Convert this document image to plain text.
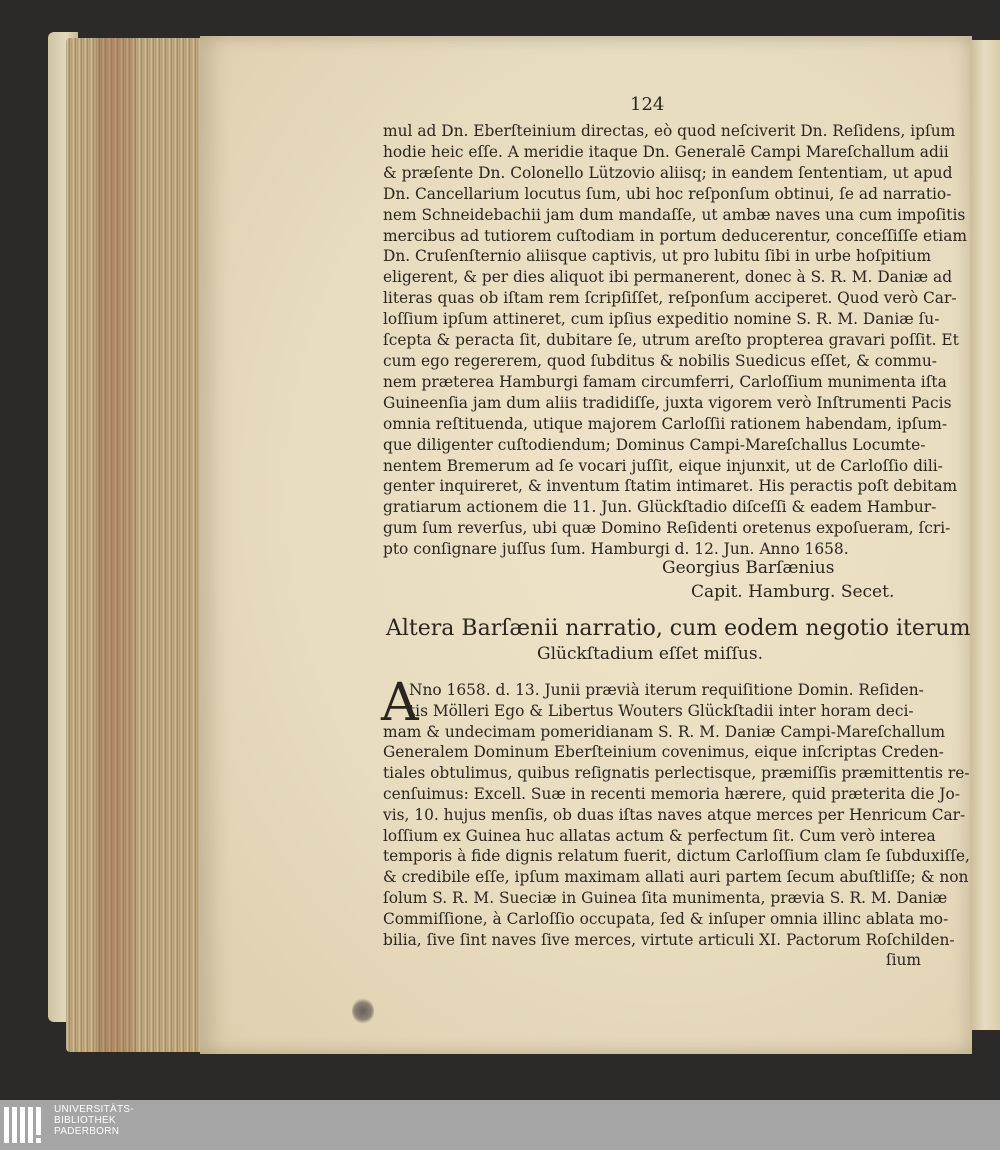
124
mul ad Dn. Eberſteinium directas, eò quod neſciverit Dn. Reſidens, ipſum
hodie heic eſſe. A meridie itaque Dn. Generalē Campi Mareſchallum adii
& præſente Dn. Colonello Lützovio aliisq; in eandem ſententiam, ut apud
Dn. Cancellarium locutus ſum, ubi hoc reſponſum obtinui, ſe ad narratio-
nem Schneidebachii jam dum mandaſſe, ut ambæ naves una cum impoſitis
mercibus ad tutiorem cuſtodiam in portum deducerentur, conceſſiſſe etiam
Dn. Cruſenſternio aliisque captivis, ut pro lubitu ſibi in urbe hoſpitium
eligerent, & per dies aliquot ibi permanerent, donec à S. R. M. Daniæ ad
literas quas ob iſtam rem ſcripſiſſet, reſponſum acciperet. Quod verò Car-
loſſium ipſum attineret, cum ipſius expeditio nomine S. R. M. Daniæ ſu-
ſcepta & peracta ſit, dubitare ſe, utrum areſto propterea gravari poſſit. Et
cum ego regererem, quod ſubditus & nobilis Suedicus eſſet, & commu-
nem præterea Hamburgi famam circumferri, Carloſſium munimenta iſta
Guineenſia jam dum aliis tradidiſſe, juxta vigorem verò Inſtrumenti Pacis
omnia reſtituenda, utique majorem Carloſſii rationem habendam, ipſum-
que diligenter cuſtodiendum; Dominus Campi-Mareſchallus Locumte-
nentem Bremerum ad ſe vocari juſſit, eique injunxit, ut de Carloſſio dili-
genter inquireret, & inventum ſtatim intimaret. His peractis poſt debitam
gratiarum actionem die 11. Jun. Glückſtadio diſceſſi & eadem Hambur-
gum ſum reverſus, ubi quæ Domino Reſidenti oretenus expoſueram, ſcri-
pto conſignare juſſus ſum. Hamburgi d. 12. Jun. Anno 1658.
Georgius Barſænius
Capit. Hamburg. Secet.
Altera Barſænii narratio, cum eodem negotio iterum
Glückſtadium eſſet miſſus.
A
Nno 1658. d. 13. Junii prævià iterum requiſitione Domin. Reſiden-
tis Mölleri Ego & Libertus Wouters Glückſtadii inter horam deci-
mam & undecimam pomeridianam S. R. M. Daniæ Campi-Mareſchallum
Generalem Dominum Eberſteinium covenimus, eique inſcriptas Creden-
tiales obtulimus, quibus reſignatis perlectisque, præmiſſis præmittentis re-
cenſuimus: Excell. Suæ in recenti memoria hærere, quid præterita die Jo-
vis, 10. hujus menſis, ob duas iſtas naves atque merces per Henricum Car-
loſſium ex Guinea huc allatas actum & perfectum ſit. Cum verò interea
temporis à fide dignis relatum fuerit, dictum Carloſſium clam ſe ſubduxiſſe,
& credibile eſſe, ipſum maximam allati auri partem ſecum abuſtliſſe; & non
ſolum S. R. M. Sueciæ in Guinea ſita munimenta, prævia S. R. M. Daniæ
Commiſſione, à Carloſſio occupata, ſed & inſuper omnia illinc ablata mo-
bilia, ſive ſint naves ſive merces, virtute articuli XI. Pactorum Roſchilden-
ſium
UNIVERSITÄTS-
BIBLIOTHEK
PADERBORN
